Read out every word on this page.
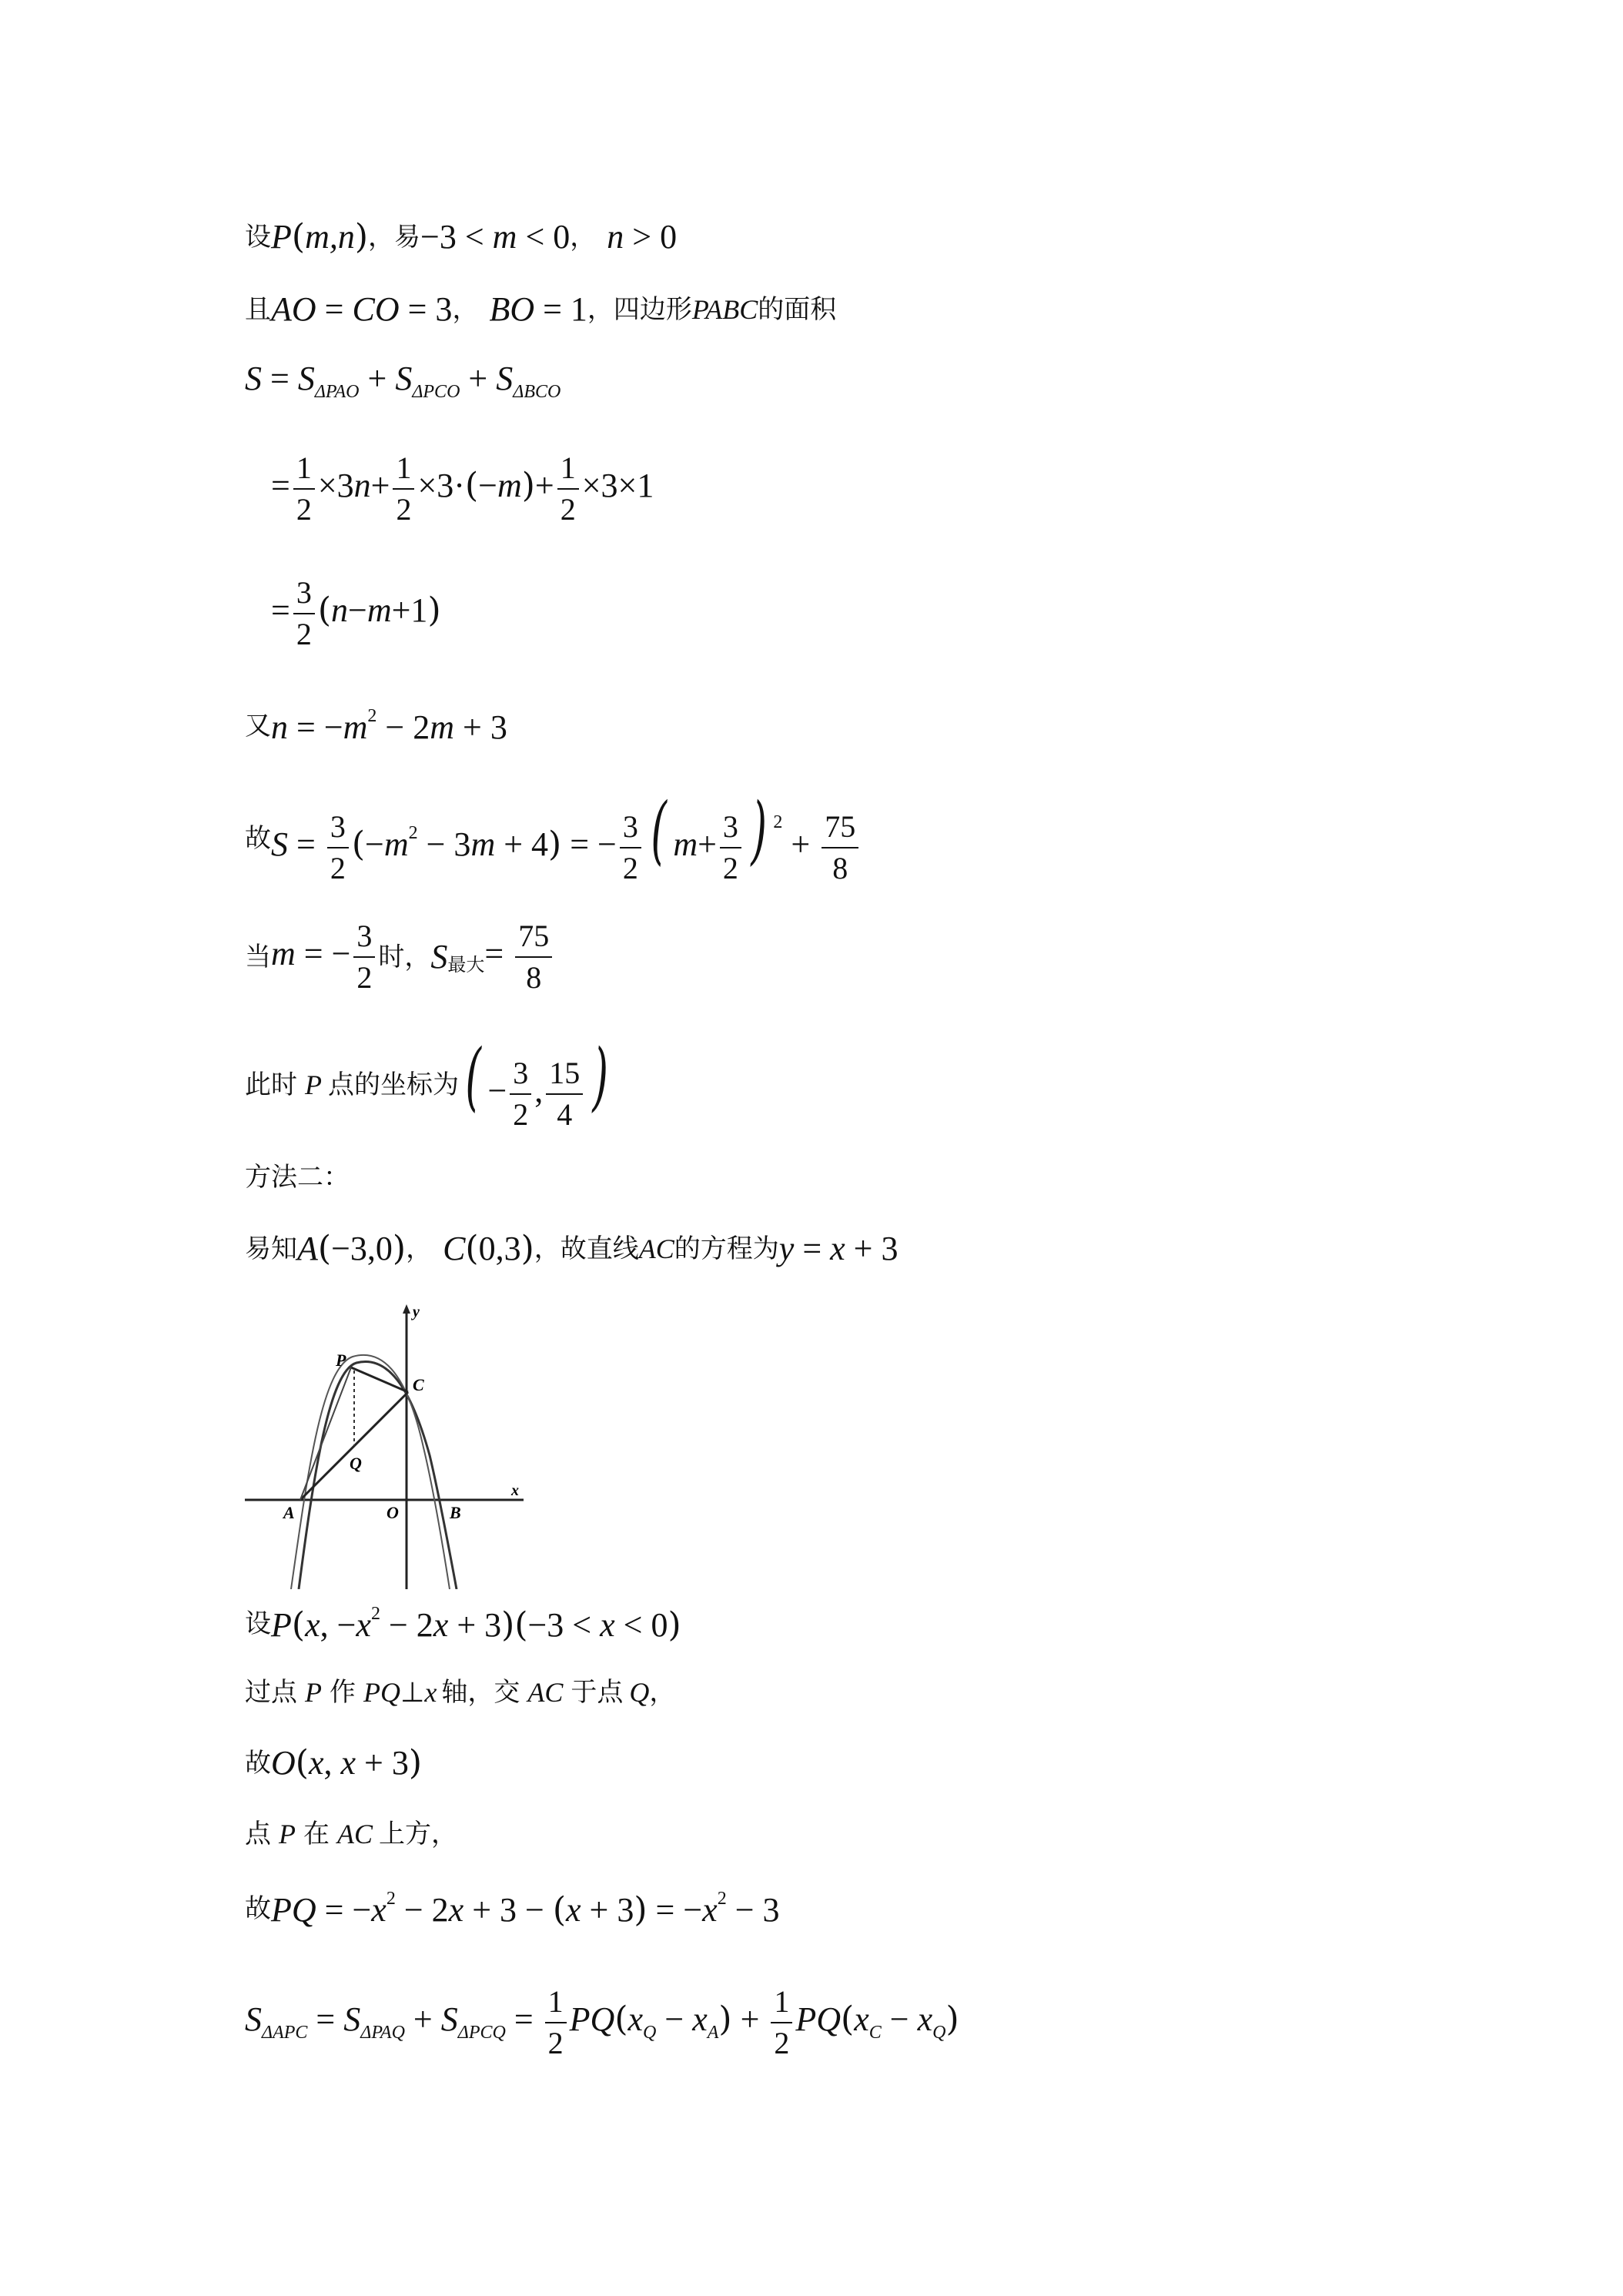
设 P(m,n) ，易 −3 < m < 0 ， n > 0
且 AO = CO = 3 ， BO = 1 ，四边形 PABC 的面积
$S = S_{\Delta PAO} + S_{\Delta PCO} + S_{\Delta BCO}$
= $\frac{1}{2} \times 3n+ \frac{1}{2} \times 3\cdot(-m)+ \frac{1}{2} \times 3\times 1$
= $\frac{3}{2} (n-m+1)$
又 $n = -m^2 - 2m + 3$
故 $S = \frac{3}{2} (-m^2 - 3m + 4)$ = − $\frac{3}{2}$ ( $m+ \frac{3}{2}$ ) $^2 + \frac{75}{8}$
当 m = − $\frac{3}{2}$ 时， S 最大 = $\frac{75}{8}$
此时 P 点的坐标为 ( − $\frac{3}{2}$ , $\frac{15}{4}$ )
方法二：
易知 A(−3,0) ， C(0,3) ，故直线 AC 的方程为 y = x + 3
P
C
Q
A	O	B
x
y
设 P(x, $-x^2 - 2x + 3)(-3 < x < 0)$
过点 P 作 PQ ⊥ x 轴，交 AC 于点 Q ，
故 O(x, x + 3)
点 P 在 AC 上方，
故 PQ = $-x^2 - 2x + 3 - (x + 3) = -x^2 - 3$
$S_{\Delta APC} = S_{\Delta PAQ} + S_{\Delta PCQ} = \frac{1}{2} PQ(x_Q - x_A) + \frac{1}{2} PQ(x_C - x_Q)$
